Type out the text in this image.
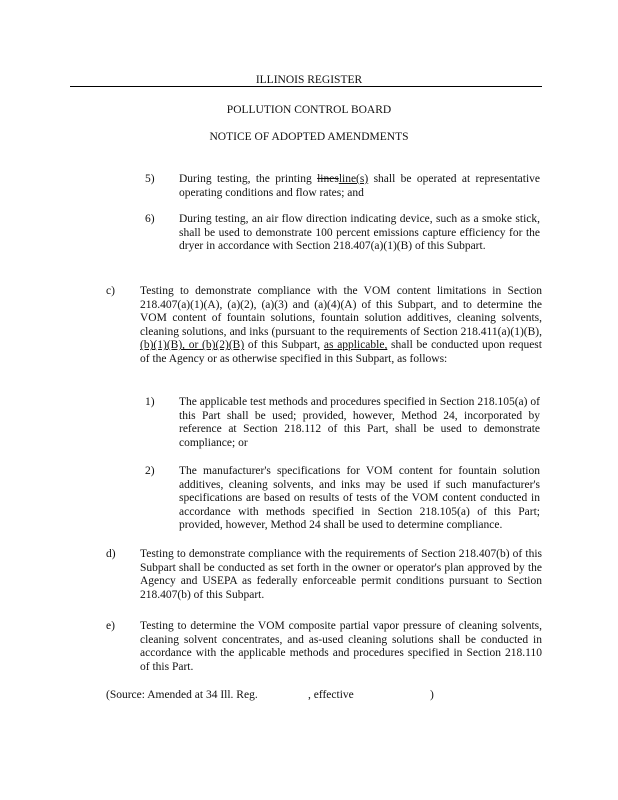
ILLINOIS REGISTER
POLLUTION CONTROL BOARD
NOTICE OF ADOPTED AMENDMENTS
5) During testing, the printing linesline(s) shall be operated at representative operating conditions and flow rates; and
6) During testing, an air flow direction indicating device, such as a smoke stick, shall be used to demonstrate 100 percent emissions capture efficiency for the dryer in accordance with Section 218.407(a)(1)(B) of this Subpart.
c) Testing to demonstrate compliance with the VOM content limitations in Section 218.407(a)(1)(A), (a)(2), (a)(3) and (a)(4)(A) of this Subpart, and to determine the VOM content of fountain solutions, fountain solution additives, cleaning solvents, cleaning solutions, and inks (pursuant to the requirements of Section 218.411(a)(1)(B), (b)(1)(B), or (b)(2)(B) of this Subpart, as applicable, shall be conducted upon request of the Agency or as otherwise specified in this Subpart, as follows:
1) The applicable test methods and procedures specified in Section 218.105(a) of this Part shall be used; provided, however, Method 24, incorporated by reference at Section 218.112 of this Part, shall be used to demonstrate compliance; or
2) The manufacturer's specifications for VOM content for fountain solution additives, cleaning solvents, and inks may be used if such manufacturer's specifications are based on results of tests of the VOM content conducted in accordance with methods specified in Section 218.105(a) of this Part; provided, however, Method 24 shall be used to determine compliance.
d) Testing to demonstrate compliance with the requirements of Section 218.407(b) of this Subpart shall be conducted as set forth in the owner or operator's plan approved by the Agency and USEPA as federally enforceable permit conditions pursuant to Section 218.407(b) of this Subpart.
e) Testing to determine the VOM composite partial vapor pressure of cleaning solvents, cleaning solvent concentrates, and as-used cleaning solutions shall be conducted in accordance with the applicable methods and procedures specified in Section 218.110 of this Part.
(Source: Amended at 34 Ill. Reg.	, effective	)
